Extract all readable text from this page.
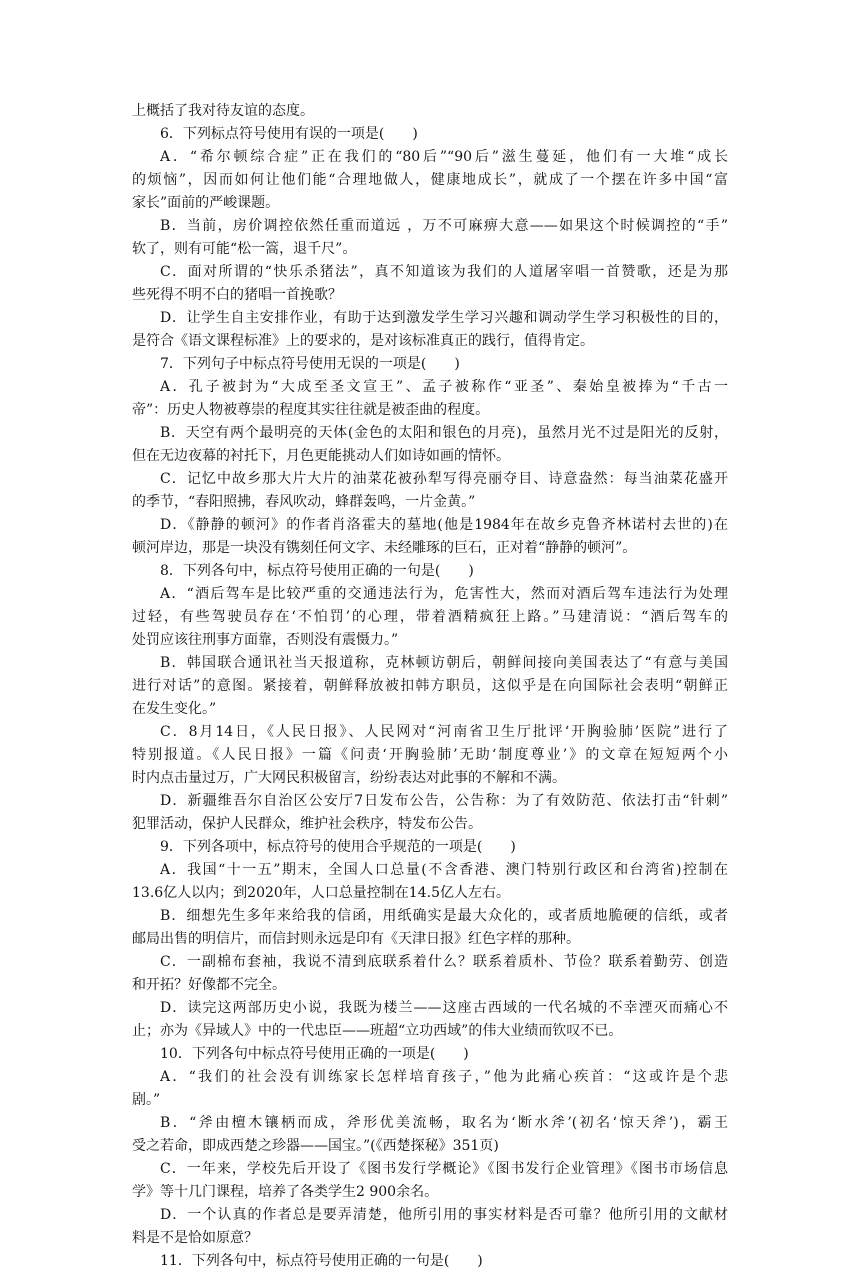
上概括了我对待友谊的态度。
6．下列标点符号使用有误的一项是(　　)
A．“希尔顿综合症”正在我们的“80后”“90后”滋生蔓延，他们有一大堆“成长
的烦恼”，因而如何让他们能“合理地做人，健康地成长”，就成了一个摆在许多中国“富
家长”面前的严峻课题。
B．当前，房价调控依然任重而道远 ，万不可麻痹大意——如果这个时候调控的“手”
软了，则有可能“松一篙，退千尺”。
C．面对所谓的“快乐杀猪法”，真不知道该为我们的人道屠宰唱一首赞歌，还是为那
些死得不明不白的猪唱一首挽歌？
D．让学生自主安排作业，有助于达到激发学生学习兴趣和调动学生学习积极性的目的，
是符合《语文课程标准》上的要求的，是对该标准真正的践行，值得肯定。
7．下列句子中标点符号使用无误的一项是(　　)
A．孔子被封为“大成至圣文宣王”、孟子被称作“亚圣”、秦始皇被捧为“千古一
帝”：历史人物被尊崇的程度其实往往就是被歪曲的程度。
B．天空有两个最明亮的天体(金色的太阳和银色的月亮)，虽然月光不过是阳光的反射，
但在无边夜幕的衬托下，月色更能挑动人们如诗如画的情怀。
C．记忆中故乡那大片大片的油菜花被孙犁写得亮丽夺目、诗意盎然：每当油菜花盛开
的季节，“春阳照拂，春风吹动，蜂群轰鸣，一片金黄。”
D．《静静的顿河》的作者肖洛霍夫的墓地(他是1984年在故乡克鲁齐林诺村去世的)在
顿河岸边，那是一块没有镌刻任何文字、未经雕琢的巨石，正对着“静静的顿河”。
8．下列各句中，标点符号使用正确的一句是(　　)
A．“酒后驾车是比较严重的交通违法行为，危害性大，然而对酒后驾车违法行为处理
过轻，有些驾驶员存在‘不怕罚’的心理，带着酒精疯狂上路。”马建清说：“酒后驾车的
处罚应该往刑事方面靠，否则没有震慑力。”
B．韩国联合通讯社当天报道称，克林顿访朝后，朝鲜间接向美国表达了“有意与美国
进行对话”的意图。紧接着，朝鲜释放被扣韩方职员，这似乎是在向国际社会表明“朝鲜正
在发生变化。”
C．8月14日，《人民日报》、人民网对“河南省卫生厅批评‘开胸验肺’医院”进行了
特别报道。《人民日报》一篇《问责‘开胸验肺’无助‘制度尊业’》的文章在短短两个小
时内点击量过万，广大网民积极留言，纷纷表达对此事的不解和不满。
D．新疆维吾尔自治区公安厅7日发布公告，公告称：为了有效防范、依法打击“针刺”
犯罪活动，保护人民群众，维护社会秩序，特发布公告。
9．下列各项中，标点符号的使用合乎规范的一项是(　　)
A．我国“十一五”期末，全国人口总量(不含香港、澳门特别行政区和台湾省)控制在
13.6亿人以内；到2020年，人口总量控制在14.5亿人左右。
B．细想先生多年来给我的信函，用纸确实是最大众化的，或者质地脆硬的信纸，或者
邮局出售的明信片，而信封则永远是印有《天津日报》红色字样的那种。
C．一副棉布套袖，我说不清到底联系着什么？联系着质朴、节俭？联系着勤劳、创造
和开拓？好像都不完全。
D．读完这两部历史小说，我既为楼兰——这座古西域的一代名城的不幸湮灭而痛心不
止；亦为《异域人》中的一代忠臣——班超“立功西域”的伟大业绩而钦叹不已。
10．下列各句中标点符号使用正确的一项是(　　)
A．“我们的社会没有训练家长怎样培育孩子，”他为此痛心疾首：“这或许是个悲
剧。”
B．“斧由檀木镶柄而成，斧形优美流畅，取名为‘断水斧’(初名‘惊天斧’)，霸王
受之若命，即成西楚之珍器——国宝。”(《西楚探秘》351页)
C．一年来，学校先后开设了《图书发行学概论》《图书发行企业管理》《图书市场信息
学》等十几门课程，培养了各类学生2 900余名。
D．一个认真的作者总是要弄清楚，他所引用的事实材料是否可靠？他所引用的文献材
料是不是恰如原意？
11．下列各句中，标点符号使用正确的一句是(　　)
